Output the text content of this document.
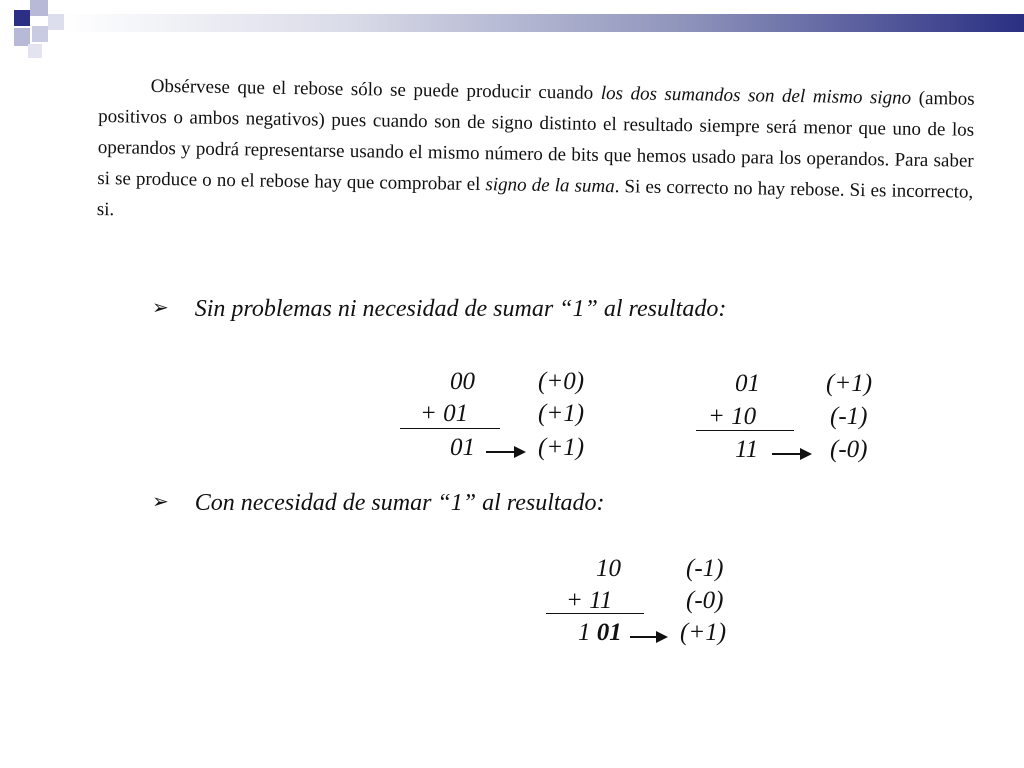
Obsérvese que el rebose sólo se puede producir cuando los dos sumandos son del mismo signo (ambos positivos o ambos negativos) pues cuando son de signo distinto el resultado siempre será menor que uno de los operandos y podrá representarse usando el mismo número de bits que hemos usado para los operandos. Para saber si se produce o no el rebose hay que comprobar el signo de la suma. Si es correcto no hay rebose. Si es incorrecto, si.
➢ Sin problemas ni necesidad de sumar “1” al resultado:
00	(+0)
+ 01	(+1)
01	(+1)
01	(+1)
+ 10	(-1)
11	(-0)
➢ Con necesidad de sumar “1” al resultado:
10	(-1)
+ 11	(-0)
1 01 (+1)
